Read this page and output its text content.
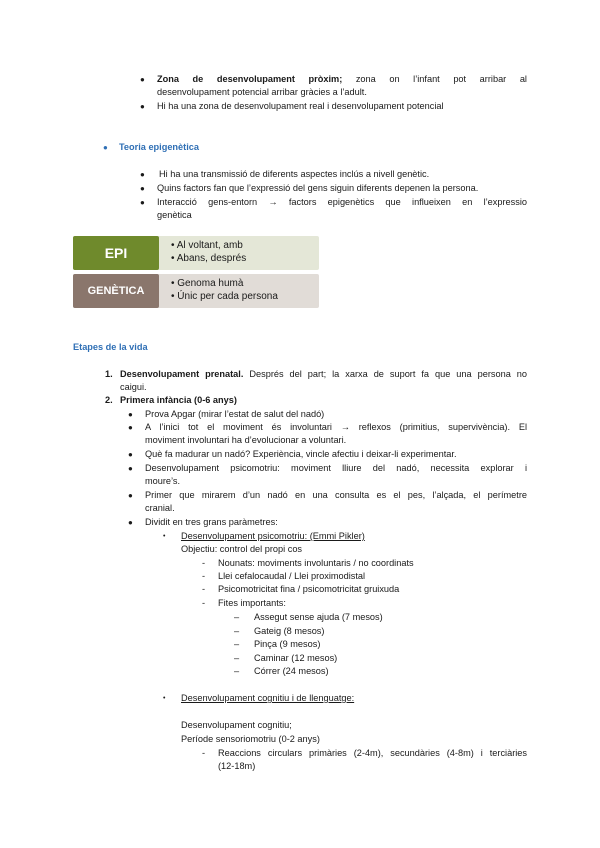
● Zona de desenvolupament pròxim; zona on l’infant pot arribar al
desenvolupament potencial arribar gràcies a l’adult.
● Hi ha una zona de desenvolupament real i desenvolupament potencial
● Teoria epigenètica
● Hi ha una transmissió de diferents aspectes inclús a nivell genètic.
● Quins factors fan que l’expressió del gens siguin diferents depenen la persona.
● Interacció gens-entorn → factors epigenètics que influeixen en l’expressio
genètica
EPI	• Al voltant, amb
• Abans, després
GENÈTICA
• Genoma humà
• Únic per cada persona
Etapes de la vida
1. Desenvolupament prenatal. Després del part; la xarxa de suport fa que una persona no
caigui.
2. Primera infància (0-6 anys)
● Prova Apgar (mirar l’estat de salut del nadó)
● A l’inici tot el moviment és involuntari → reflexos (primitius, supervivència). El
moviment involuntari ha d’evolucionar a voluntari.
● Què fa madurar un nadó? Experiència, vincle afectiu i deixar-li experimentar.
● Desenvolupament psicomotriu: moviment lliure del nadó, necessita explorar i
moure’s.
● Primer que mirarem d’un nadó en una consulta es el pes, l’alçada, el perímetre
cranial.
● Dividit en tres grans paràmetres:
• Desenvolupament psicomotriu: (Emmi Pikler)
Objectiu: control del propi cos
- Nounats: moviments involuntaris / no coordinats
- Llei cefalocaudal / Llei proximodistal
- Psicomotricitat fina / psicomotricitat gruixuda
- Fites importants:
– Assegut sense ajuda (7 mesos)
– Gateig (8 mesos)
– Pinça (9 mesos)
– Caminar (12 mesos)
– Córrer (24 mesos)
• Desenvolupament cognitiu i de llenguatge:
Desenvolupament cognitiu;
Període sensoriomotriu (0-2 anys)
- Reaccions circulars primàries (2-4m), secundàries (4-8m) i terciàries
(12-18m)
